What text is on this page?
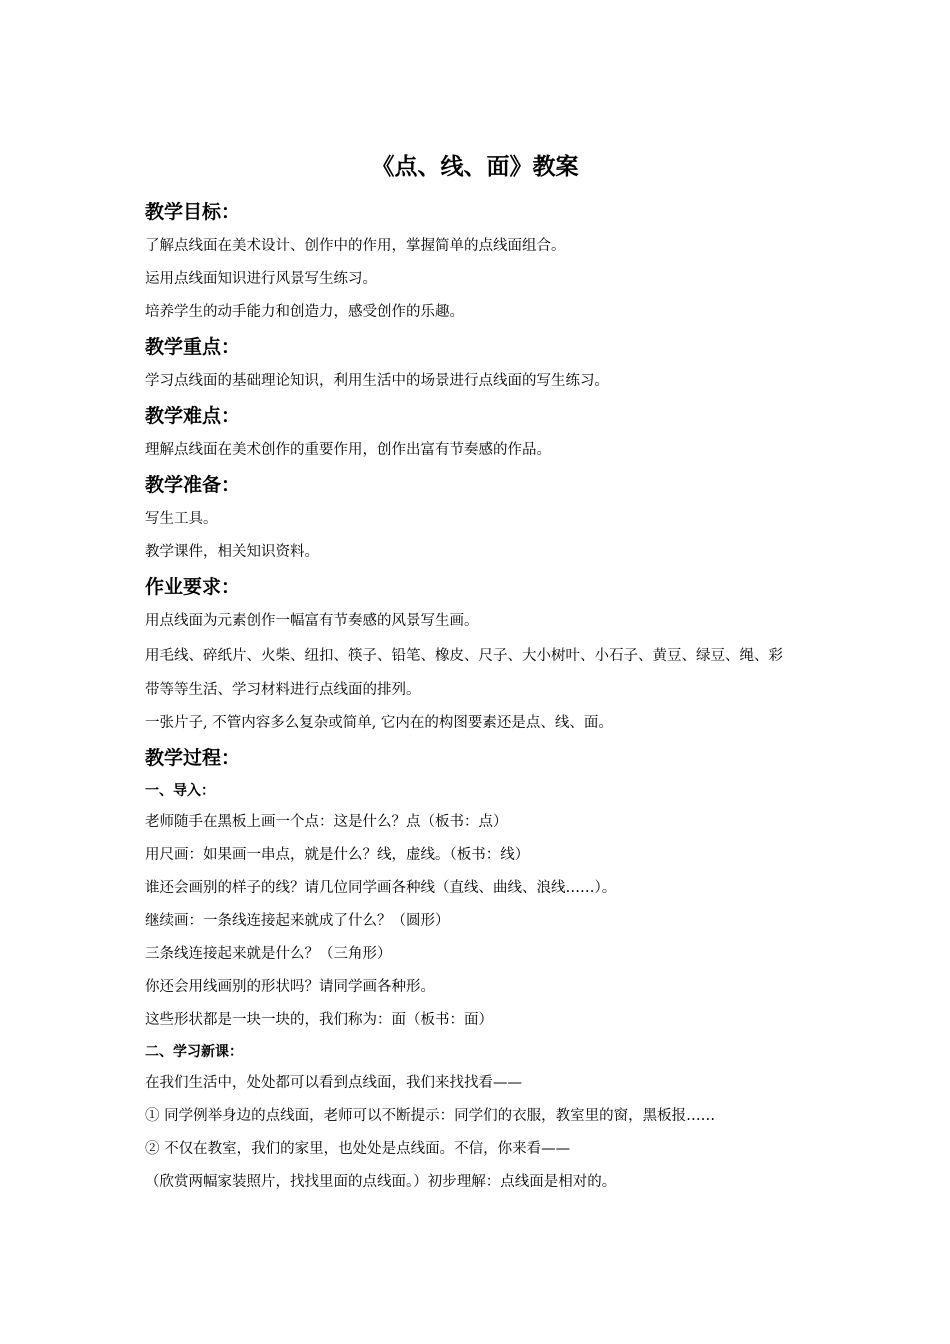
《点、线、面》教案
教学目标：
了解点线面在美术设计、创作中的作用，掌握简单的点线面组合。
运用点线面知识进行风景写生练习。
培养学生的动手能力和创造力，感受创作的乐趣。
教学重点：
学习点线面的基础理论知识，利用生活中的场景进行点线面的写生练习。
教学难点：
理解点线面在美术创作的重要作用，创作出富有节奏感的作品。
教学准备：
写生工具。
教学课件，相关知识资料。
作业要求：
用点线面为元素创作一幅富有节奏感的风景写生画。
用毛线、碎纸片、火柴、纽扣、筷子、铅笔、橡皮、尺子、大小树叶、小石子、黄豆、绿豆、绳、彩
带等等生活、学习材料进行点线面的排列。
一张片子, 不管内容多么复杂或简单, 它内在的构图要素还是点、线、面。
教学过程：
一、导入：
老师随手在黑板上画一个点：这是什么？点（板书：点）
用尺画：如果画一串点，就是什么？线，虚线。（板书：线）
谁还会画别的样子的线？请几位同学画各种线（直线、曲线、浪线……）。
继续画：一条线连接起来就成了什么？（圆形）
三条线连接起来就是什么？（三角形）
你还会用线画别的形状吗？请同学画各种形。
这些形状都是一块一块的，我们称为：面（板书：面）
二、学习新课：
在我们生活中，处处都可以看到点线面，我们来找找看——
① 同学例举身边的点线面，老师可以不断提示：同学们的衣服，教室里的窗，黑板报……
② 不仅在教室，我们的家里，也处处是点线面。不信，你来看——
（欣赏两幅家装照片，找找里面的点线面。）初步理解：点线面是相对的。
